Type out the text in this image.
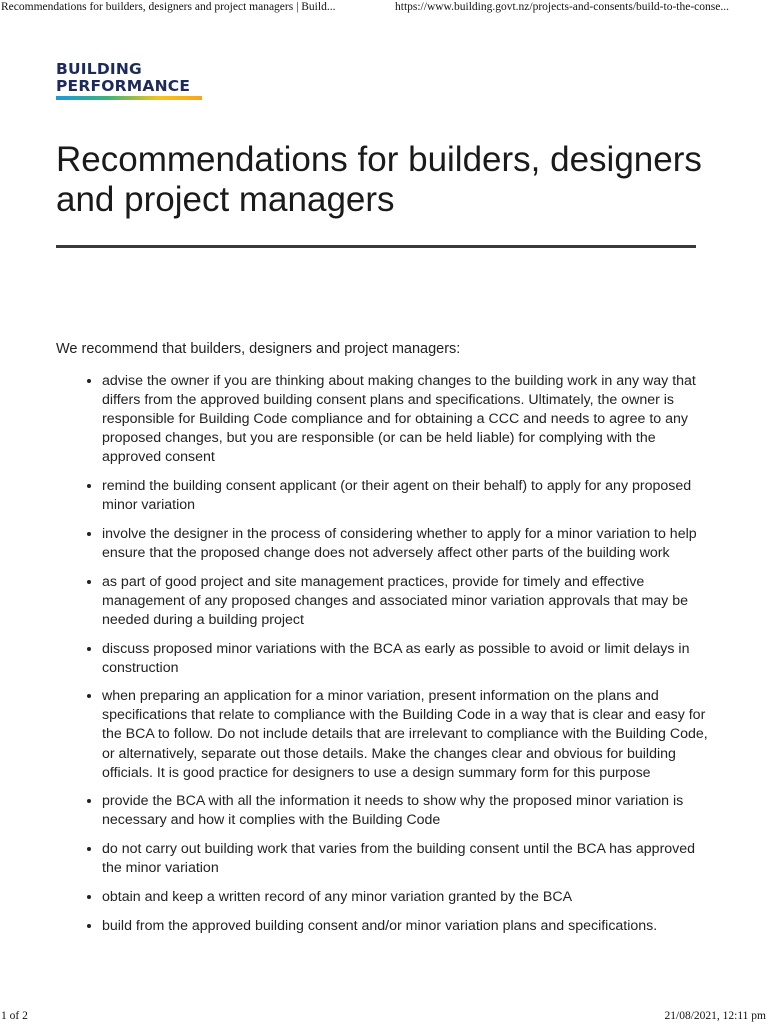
Recommendations for builders, designers and project managers | Build...	https://www.building.govt.nz/projects-and-consents/build-to-the-conse...
BUILDING
PERFORMANCE
Recommendations for builders, designers and project managers

We recommend that builders, designers and project managers:

• advise the owner if you are thinking about making changes to the building work in any way that differs from the approved building consent plans and specifications. Ultimately, the owner is responsible for Building Code compliance and for obtaining a CCC and needs to agree to any proposed changes, but you are responsible (or can be held liable) for complying with the approved consent
• remind the building consent applicant (or their agent on their behalf) to apply for any proposed minor variation
• involve the designer in the process of considering whether to apply for a minor variation to help ensure that the proposed change does not adversely affect other parts of the building work
• as part of good project and site management practices, provide for timely and effective management of any proposed changes and associated minor variation approvals that may be needed during a building project
• discuss proposed minor variations with the BCA as early as possible to avoid or limit delays in construction
• when preparing an application for a minor variation, present information on the plans and specifications that relate to compliance with the Building Code in a way that is clear and easy for the BCA to follow. Do not include details that are irrelevant to compliance with the Building Code, or alternatively, separate out those details. Make the changes clear and obvious for building officials. It is good practice for designers to use a design summary form for this purpose
• provide the BCA with all the information it needs to show why the proposed minor variation is necessary and how it complies with the Building Code
• do not carry out building work that varies from the building consent until the BCA has approved the minor variation
• obtain and keep a written record of any minor variation granted by the BCA
• build from the approved building consent and/or minor variation plans and specifications.
1 of 2	21/08/2021, 12:11 pm
